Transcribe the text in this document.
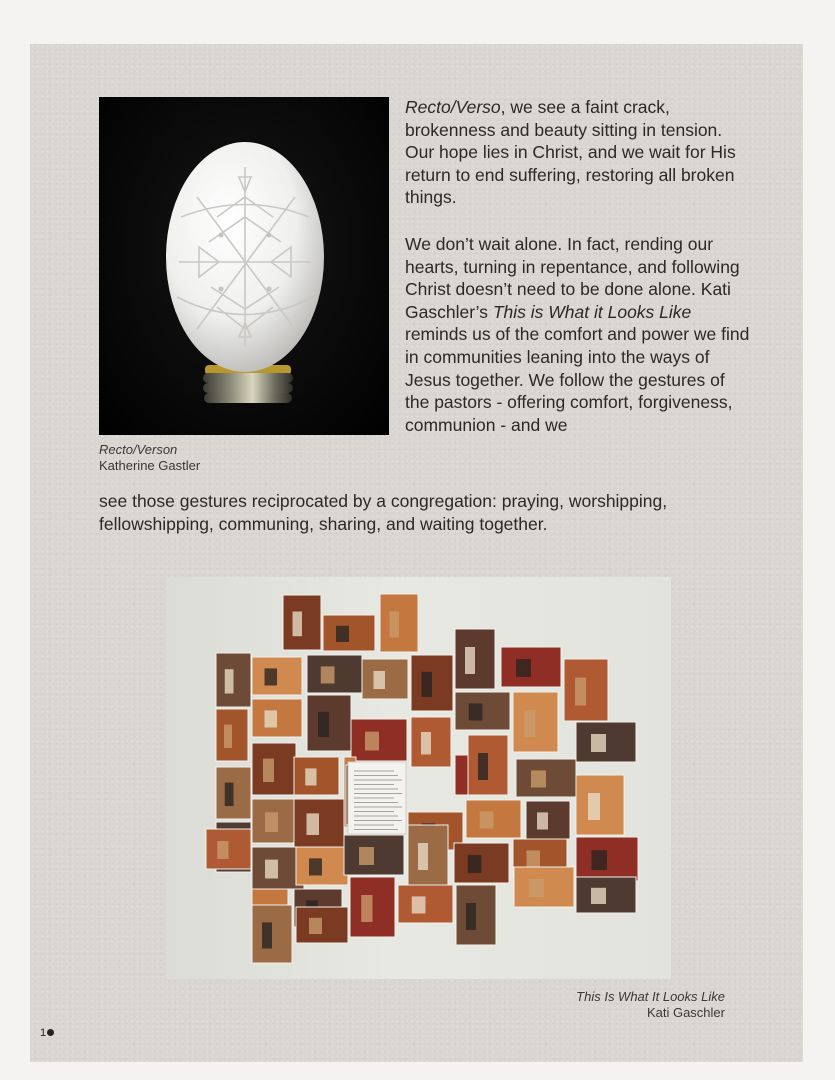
Recto/Verson
Katherine Gastler
Recto/Verso, we see a faint crack, brokenness and beauty sitting in tension. Our hope lies in Christ, and we wait for His return to end suffering, restoring all broken things.
We don’t wait alone. In fact, rending our hearts, turning in repentance, and following Christ doesn’t need to be done alone. Kati Gaschler’s This is What it Looks Like reminds us of the comfort and power we find in communities leaning into the ways of Jesus together. We follow the gestures of the pastors - offering comfort, forgiveness, communion - and we
see those gestures reciprocated by a congregation: praying, worshipping, fellowshipping, communing, sharing, and waiting together.
This Is What It Looks Like
Kati Gaschler
1
